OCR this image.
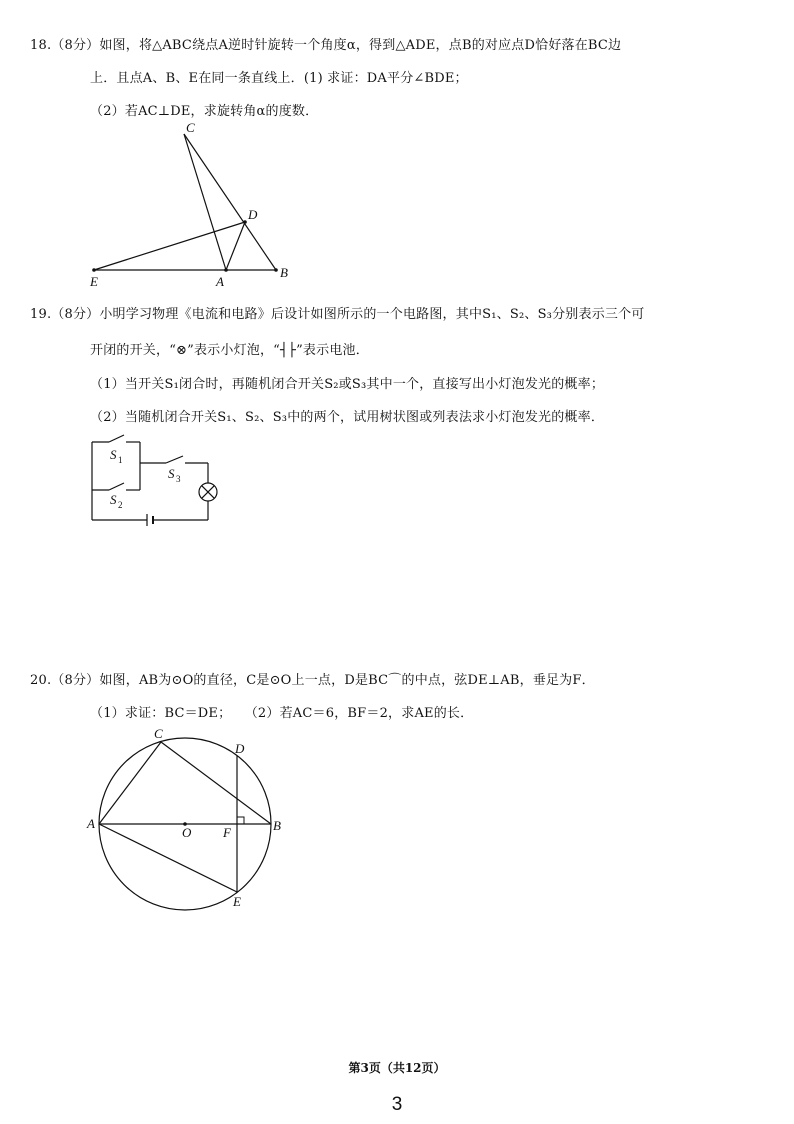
18.（8分）如图，将△ABC绕点A逆时针旋转一个角度α，得到△ADE，点B的对应点D恰好落在BC边
上．且点A、B、E在同一条直线上．(1) 求证：DA平分∠BDE；
（2）若AC⊥DE，求旋转角α的度数．
C
D
E	A
B
19.（8分）小明学习物理《电流和电路》后设计如图所示的一个电路图，其中S₁、S₂、S₃分别表示三个可
开闭的开关，“⊗”表示小灯泡，“┤├”表示电池．
（1）当开关S₁闭合时，再随机闭合开关S₂或S₃其中一个，直接写出小灯泡发光的概率；
（2）当随机闭合开关S₁、S₂、S₃中的两个，试用树状图或列表法求小灯泡发光的概率．
S 1
S 2
S 3
20.（8分）如图，AB为⊙O的直径，C是⊙O上一点，D是BC⌒的中点，弦DE⊥AB，垂足为F．
（1）求证：BC＝DE；　　（2）若AC＝6，BF＝2，求AE的长．
A	B
C
D
E
O F
第3页（共12页）
3
